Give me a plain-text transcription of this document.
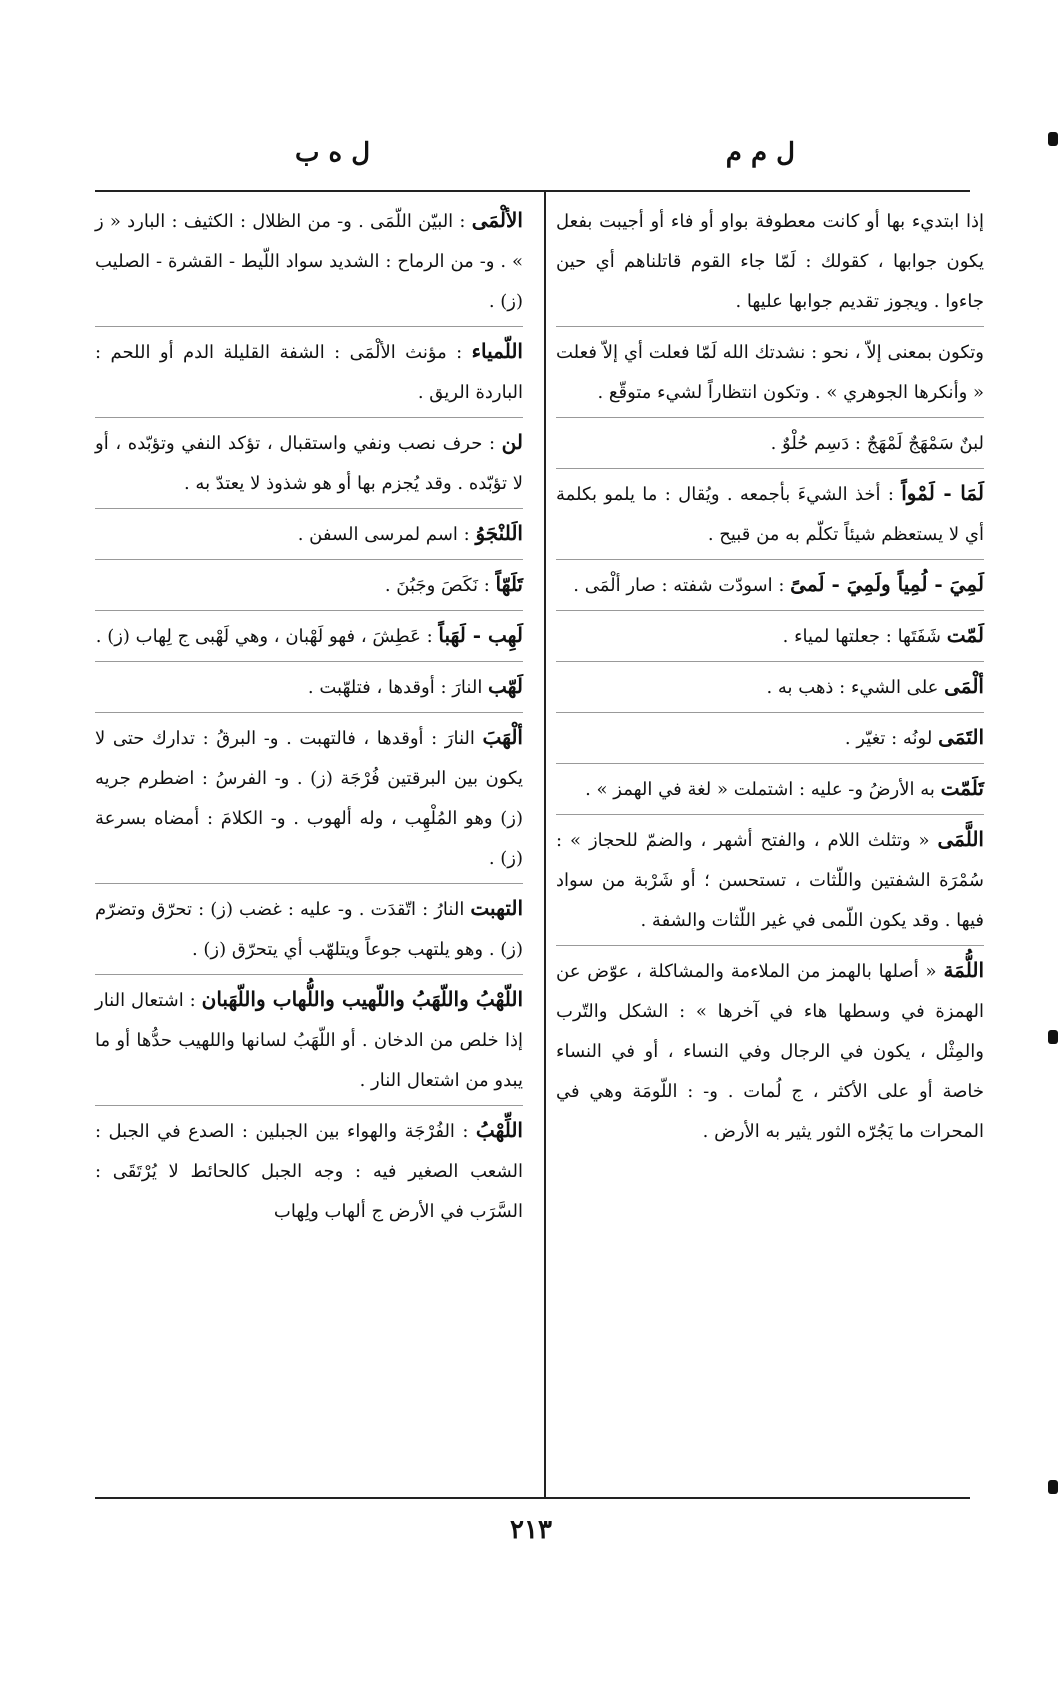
ل م م
ل ه ب
إذا ابتديء بها أو كانت معطوفة بواو أو فاء أو أجيبت بفعل يكون جوابها ، كقولك : لَمّا جاء القوم قاتلناهم أي حين جاءوا . ويجوز تقديم جوابها عليها .
وتكون بمعنى إلاّ ، نحو : نشدتك الله لَمّا فعلت أي إلاّ فعلت « وأنكرها الجوهري » . وتكون انتظاراً لشيء متوقّع .
لبنٌ سَمْهَجٌ لَمْهَجٌ : دَسِم حُلْوٌ .
لَمَا - لَمْواً : أخذ الشيءَ بأجمعه . ويُقال : ما يلمو بكلمة أي لا يستعظم شيئاً تكلّم به من قبيح .
لَمِيَ - لُمِياً ولَمِيَ - لَمىً : اسودّت شفته : صار ألْمَى .
لَمّت شَفَتَها : جعلتها لمياء .
ألْمَى على الشيء : ذهب به .
التَمَى لونُه : تغيّر .
تَلَمّت به الأرضُ و- عليه : اشتملت « لغة في الهمز » .
اللَّمَى « وتثلث اللام ، والفتح أشهر ، والضمّ للحجاز » : سُمْرَة الشفتين واللّثات ، تستحسن ؛ أو شَرْبة من سواد فيها . وقد يكون اللّمى في غير اللّثات والشفة .
اللُّمَة « أصلها بالهمز من الملاءمة والمشاكلة ، عوّض عن الهمزة في وسطها هاء في آخرها » : الشكل والتّرب والمِثْل ، يكون في الرجال وفي النساء ، أو في النساء خاصة أو على الأكثر ، ج لُمات . و- : اللّومَة وهي في المحرات ما يَجُرّه الثور يثير به الأرض .
الألْمَى : البيّن اللّمَى . و- من الظلال : الكثيف : البارد « ز » . و- من الرماح : الشديد سواد اللّيط - القشرة - الصليب (ز) .
اللّمياء : مؤنث الألْمَى : الشفة القليلة الدم أو اللحم : الباردة الريق .
لن : حرف نصب ونفي واستقبال ، تؤكد النفي وتؤبّده ، أو لا تؤبّده . وقد يُجزم بها أو هو شذوذ لا يعتدّ به .
الَلنْجَوُ : اسم لمرسى السفن .
تَلَهّاً : نَكَصَ وجَبُنَ .
لَهِب - لَهَباً : عَطِشَ ، فهو لَهْبان ، وهي لَهْبى ج لِهاب (ز) .
لَهّب النارَ : أوقدها ، فتلهّبت .
ألْهَبَ النارَ : أوقدها ، فالتهبت . و- البرقُ : تدارك حتى لا يكون بين البرقتين فُرْجَة (ز) . و- الفرسُ : اضطرم جريه (ز) وهو المُلْهِب ، وله ألهوب . و- الكلامَ : أمضاه بسرعة (ز) .
التهبت النارُ : اتّقدَت . و- عليه : غضب (ز) : تحرّق وتضرّم (ز) . وهو يلتهب جوعاً ويتلهّب أي يتحرّق (ز) .
اللّهْبُ واللّهَبُ واللّهيب واللُّهاب واللّهَبان : اشتعال النار إذا خلص من الدخان . أو اللّهَبُ لسانها واللهيب حدُّها أو ما يبدو من اشتعال النار .
اللِّهْبُ : الفُرْجَة والهواء بين الجبلين : الصدع في الجبل : الشعب الصغير فيه : وجه الجبل كالحائط لا يُرْتَقَى : السَّرَب في الأرض ج ألهاب ولِهاب
٢١٣
